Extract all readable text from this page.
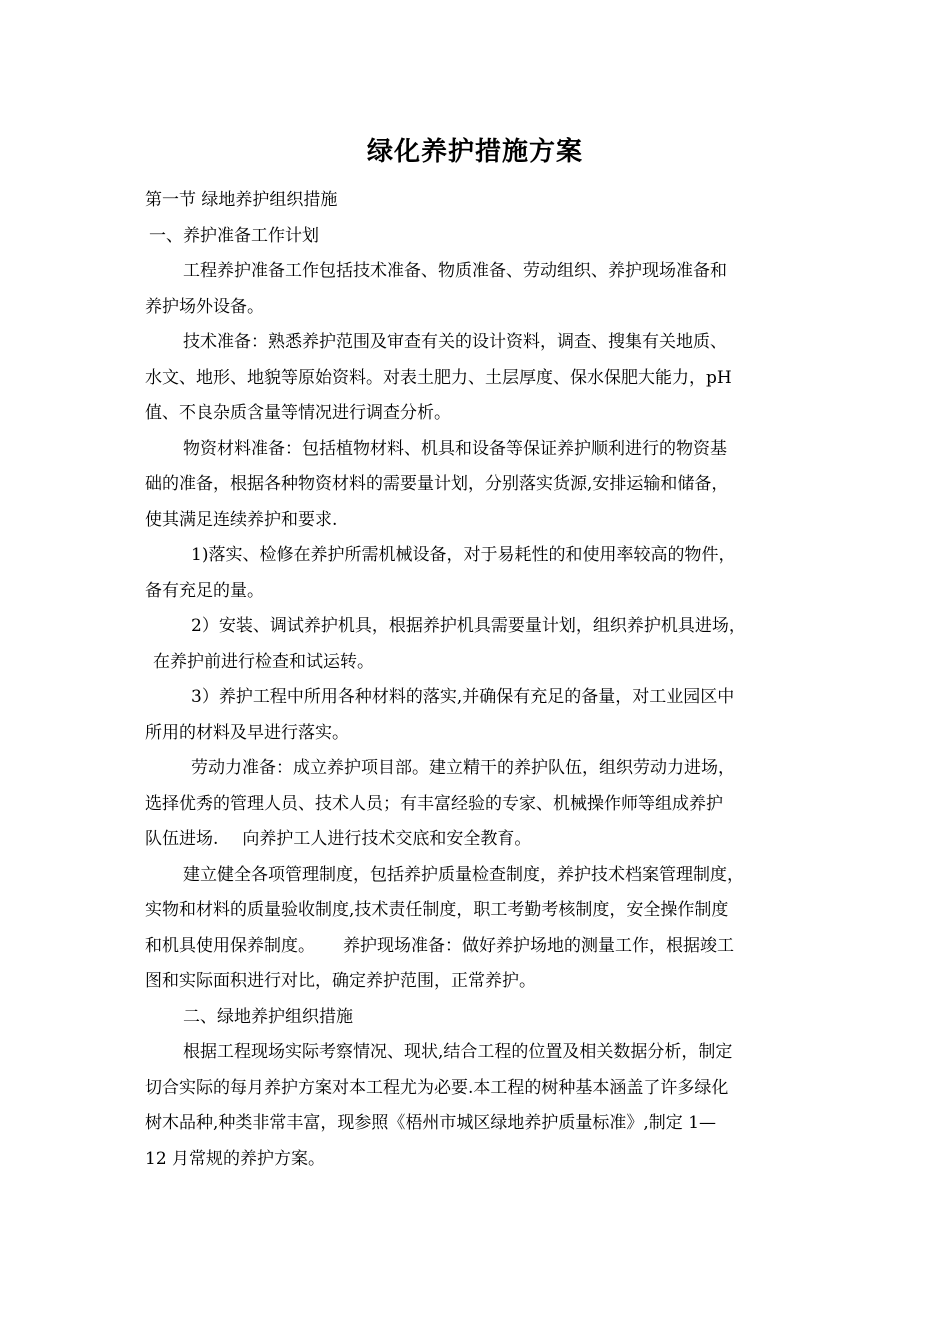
绿化养护措施方案
第一节 绿地养护组织措施
一、养护准备工作计划
工程养护准备工作包括技术准备、物质准备、劳动组织、养护现场准备和
养护场外设备。
技术准备：熟悉养护范围及审查有关的设计资料，调查、搜集有关地质、
水文、地形、地貌等原始资料。对表土肥力、土层厚度、保水保肥大能力，pH
值、不良杂质含量等情况进行调查分析。
物资材料准备：包括植物材料、机具和设备等保证养护顺利进行的物资基
础的准备，根据各种物资材料的需要量计划，分别落实货源,安排运输和储备，
使其满足连续养护和要求.
1)落实、检修在养护所需机械设备，对于易耗性的和使用率较高的物件，
备有充足的量。
2）安装、调试养护机具，根据养护机具需要量计划，组织养护机具进场，
在养护前进行检查和试运转。
3）养护工程中所用各种材料的落实,并确保有充足的备量，对工业园区中
所用的材料及早进行落实。
劳动力准备：成立养护项目部。建立精干的养护队伍，组织劳动力进场，
选择优秀的管理人员、技术人员；有丰富经验的专家、机械操作师等组成养护
队伍进场. 向养护工人进行技术交底和安全教育。
建立健全各项管理制度，包括养护质量检查制度，养护技术档案管理制度，
实物和材料的质量验收制度,技术责任制度，职工考勤考核制度，安全操作制度
和机具使用保养制度。 养护现场准备：做好养护场地的测量工作，根据竣工
图和实际面积进行对比，确定养护范围，正常养护。
二、绿地养护组织措施
根据工程现场实际考察情况、现状,结合工程的位置及相关数据分析，制定
切合实际的每月养护方案对本工程尤为必要.本工程的树种基本涵盖了许多绿化
树木品种,种类非常丰富，现参照《梧州市城区绿地养护质量标准》,制定 1—
12 月常规的养护方案。
